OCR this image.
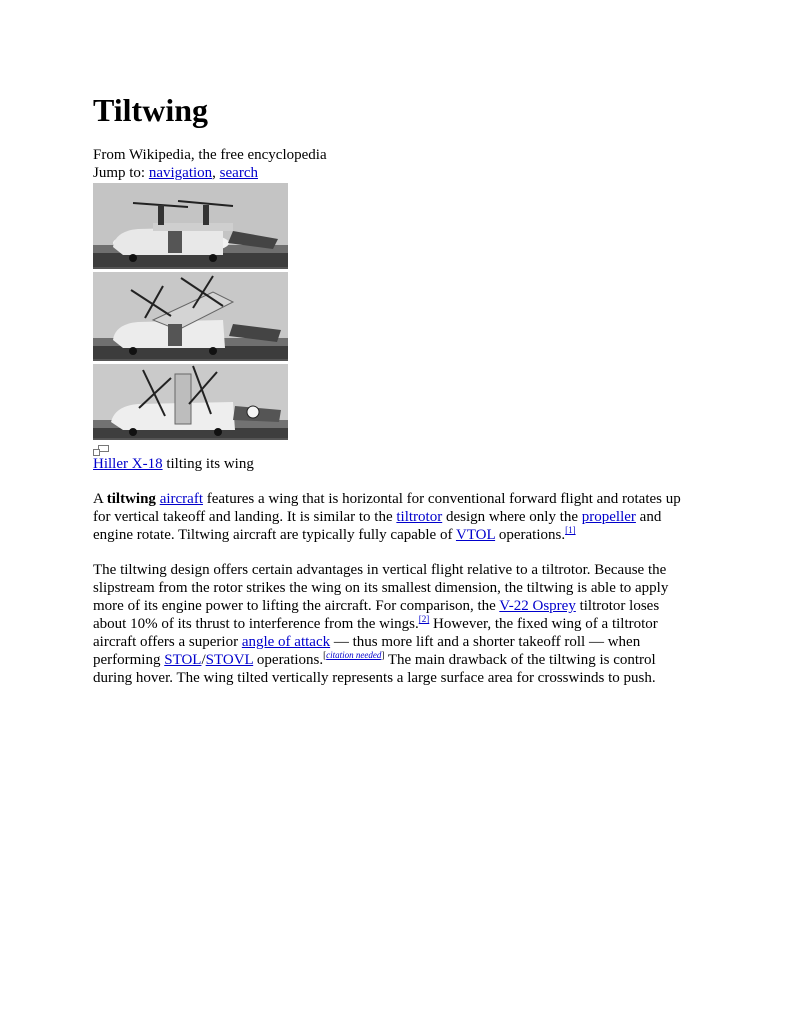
Tiltwing
From Wikipedia, the free encyclopedia
Jump to: navigation, search
Hiller X-18 tilting its wing

A tiltwing aircraft features a wing that is horizontal for conventional forward flight and rotates up for vertical takeoff and landing. It is similar to the tiltrotor design where only the propeller and engine rotate. Tiltwing aircraft are typically fully capable of VTOL operations.[1]

The tiltwing design offers certain advantages in vertical flight relative to a tiltrotor. Because the slipstream from the rotor strikes the wing on its smallest dimension, the tiltwing is able to apply more of its engine power to lifting the aircraft. For comparison, the V-22 Osprey tiltrotor loses about 10% of its thrust to interference from the wings.[2] However, the fixed wing of a tiltrotor aircraft offers a superior angle of attack — thus more lift and a shorter takeoff roll — when performing STOL/STOVL operations.[citation needed] The main drawback of the tiltwing is control during hover. The wing tilted vertically represents a large surface area for crosswinds to push.
